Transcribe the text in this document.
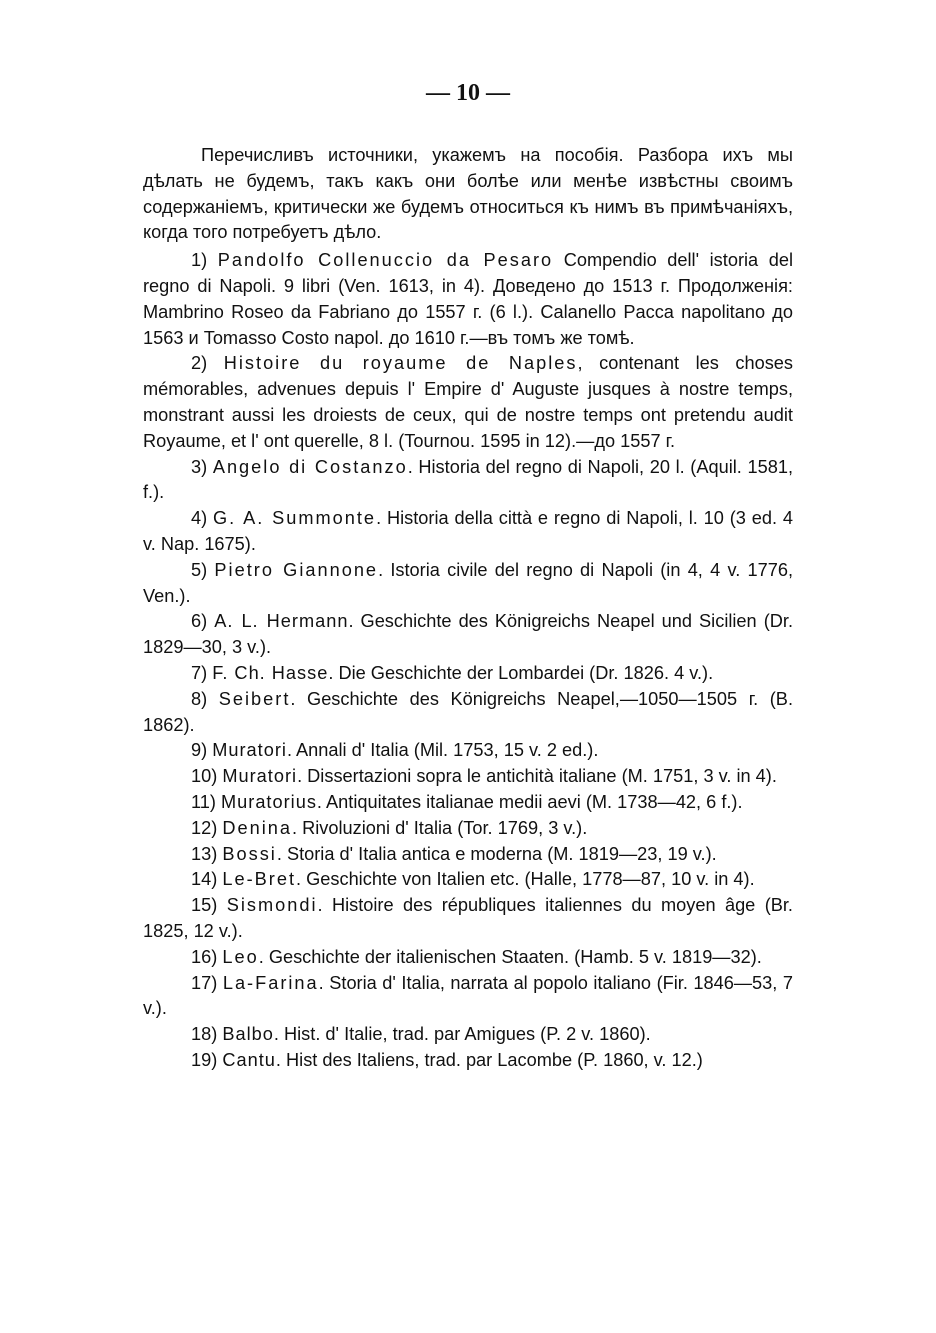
— 10 —

Перечисливъ источники, укажемъ на пособія. Разбора ихъ мы дѣлать не будемъ, такъ какъ они болѣе или менѣе извѣстны своимъ содержаніемъ, критически же будемъ относиться къ нимъ въ примѣчаніяхъ, когда того потребуетъ дѣло.

1) Pandolfo Collenuccio da Pesaro Compendio dell' istoria del regno di Napoli. 9 libri (Ven. 1613, in 4). Доведено до 1513 г. Продолженія: Mambrino Roseo da Fabriano до 1557 г. (6 l.). Calanello Pacca napolitano до 1563 и Tomasso Costo napol. до 1610 г.—въ томъ же томѣ.
2) Histoire du royaume de Naples, contenant les choses mémorables, advenues depuis l' Empire d' Auguste jusques à nostre temps, monstrant aussi les droiests de ceux, qui de nostre temps ont pretendu audit Royaume, et l' ont querelle, 8 l. (Tournou. 1595 in 12).—до 1557 г.
3) Angelo di Costanzo. Historia del regno di Napoli, 20 l. (Aquil. 1581, f.).
4) G. A. Summonte. Historia della città e regno di Napoli, l. 10 (3 ed. 4 v. Nap. 1675).
5) Pietro Giannone. Istoria civile del regno di Napoli (in 4, 4 v. 1776, Ven.).
6) A. L. Hermann. Geschichte des Königreichs Neapel und Sicilien (Dr. 1829—30, 3 v.).
7) F. Ch. Hasse. Die Geschichte der Lombardei (Dr. 1826. 4 v.).
8) Seibert. Geschichte des Königreichs Neapel,—1050—1505 г. (B. 1862).
9) Muratori. Annali d' Italia (Mil. 1753, 15 v. 2 ed.).
10) Muratori. Dissertazioni sopra le antichità italiane (M. 1751, 3 v. in 4).
11) Muratorius. Antiquitates italianae medii aevi (M. 1738—42, 6 f.).
12) Denina. Rivoluzioni d' Italia (Tor. 1769, 3 v.).
13) Bossi. Storia d' Italia antica e moderna (M. 1819—23, 19 v.).
14) Le-Bret. Geschichte von Italien etc. (Halle, 1778—87, 10 v. in 4).
15) Sismondi. Histoire des républiques italiennes du moyen âge (Br. 1825, 12 v.).
16) Leo. Geschichte der italienischen Staaten. (Hamb. 5 v. 1819—32).
17) La-Farina. Storia d' Italia, narrata al popolo italiano (Fir. 1846—53, 7 v.).
18) Balbo. Hist. d' Italie, trad. par Amigues (P. 2 v. 1860).
19) Cantu. Hist des Italiens, trad. par Lacombe (P. 1860, v. 12.)
